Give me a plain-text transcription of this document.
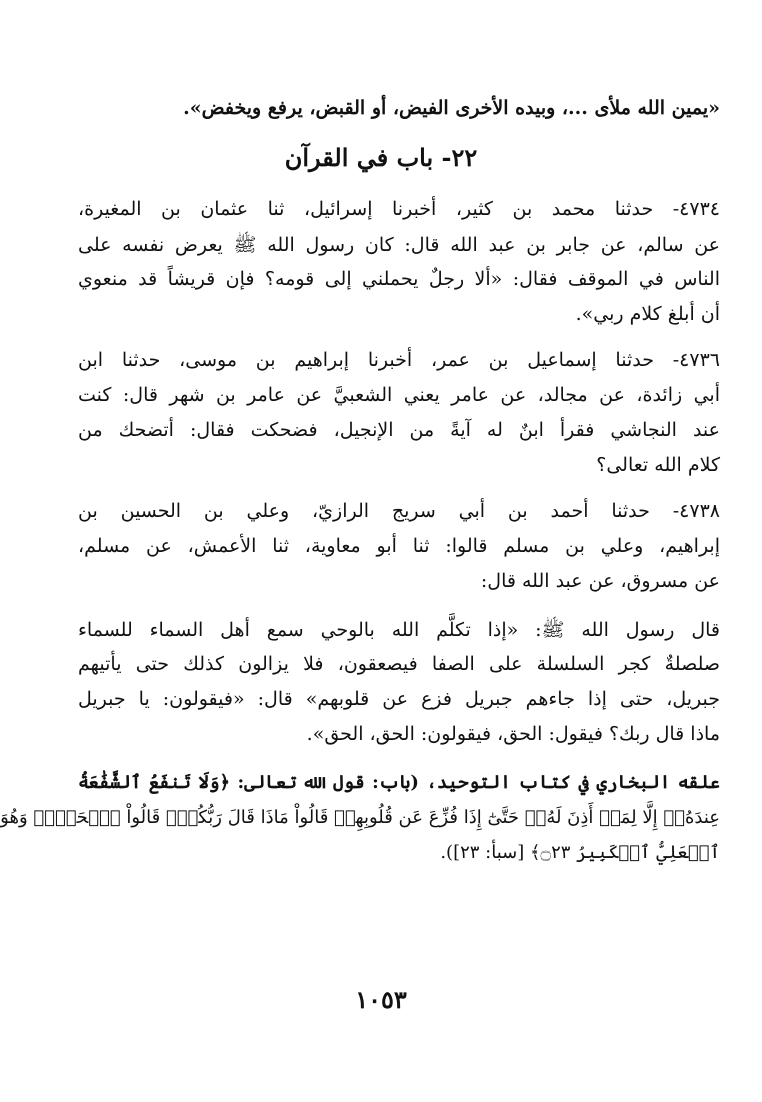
«يمين الله ملأى ...، وبيده الأخرى الفيض، أو القبض، يرفع ويخفض».
٢٢- باب في القرآن
٤٧٣٤- حدثنا محمد بن كثير، أخبرنا إسرائيل، ثنا عثمان بن المغيرة،
عن سالم، عن جابر بن عبد الله قال: كان رسول الله ﷺ يعرض نفسه على
الناس في الموقف فقال: «ألا رجلٌ يحملني إلى قومه؟ فإن قريشاً قد منعوي
أن أبلغ كلام ربي».
٤٧٣٦- حدثنا إسماعيل بن عمر، أخبرنا إبراهيم بن موسى، حدثنا ابن
أبي زائدة، عن مجالد، عن عامر يعني الشعبيَّ عن عامر بن شهر قال: كنت
عند النجاشي فقرأ ابنٌ له آيةً من الإنجيل، فضحكت فقال: أتضحك من
كلام الله تعالى؟
٤٧٣٨- حدثنا أحمد بن أبي سريج الرازيّ، وعلي بن الحسين بن
إبراهيم، وعلي بن مسلم قالوا: ثنا أبو معاوية، ثنا الأعمش، عن مسلم،
عن مسروق، عن عبد الله قال:
قال رسول الله ﷺ: «إذا تكلَّم الله بالوحي سمع أهل السماء للسماء
صلصلةٌ كجر السلسلة على الصفا فيصعقون، فلا يزالون كذلك حتى يأتيهم
جبريل، حتى إذا جاءهم جبريل فزع عن قلوبهم» قال: «فيقولون: يا جبريل
ماذا قال ربك؟ فيقول: الحق، فيقولون: الحق، الحق».
علقه البخاري في كتاب التوحيد، (باب: قول الله تعالى: ﴿وَلَا تَنفَعُ ٱلشَّفَٰعَةُ
عِندَهُۥٓ إِلَّا لِمَنۡ أَذِنَ لَهُۥۚ حَتَّىٰٓ إِذَا فُزِّعَ عَن قُلُوبِهِمۡ قَالُواْ مَاذَا قَالَ رَبُّكُمۡۖ قَالُواْ ٱلۡحَقَّۖ وَهُوَ
ٱلۡعَلِيُّ ٱلۡكَبِيرُ ۝٢٣﴾ [سبأ: ٢٣]).
١٠٥٣
